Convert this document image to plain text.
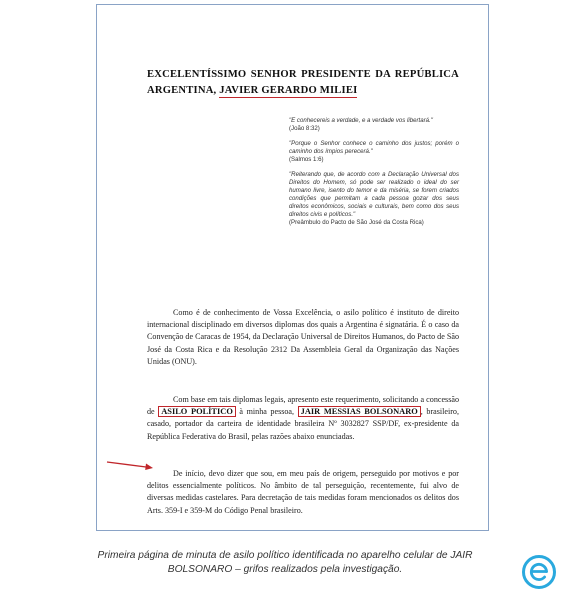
EXCELENTÍSSIMO SENHOR PRESIDENTE DA REPÚBLICA
ARGENTINA, JAVIER GERARDO MILIEI
"E conhecereis a verdade, e a verdade vos libertará."
(João 8:32)
"Porque o Senhor conhece o caminho dos justos; porém o caminho dos ímpios perecerá."
(Salmos 1:6)
"Reiterando que, de acordo com a Declaração Universal dos Direitos do Homem, só pode ser realizado o ideal do ser humano livre, isento do temor e da miséria, se forem criados condições que permitam a cada pessoa gozar dos seus direitos econômicos, sociais e culturais, bem como dos seus direitos civis e políticos."
(Preâmbulo do Pacto de São José da Costa Rica)

Como é de conhecimento de Vossa Excelência, o asilo político é instituto de direito internacional disciplinado em diversos diplomas dos quais a Argentina é signatária. É o caso da Convenção de Caracas de 1954, da Declaração Universal de Direitos Humanos, do Pacto de São José da Costa Rica e da Resolução 2312 Da Assembleia Geral da Organização das Nações Unidas (ONU).

Com base em tais diplomas legais, apresento este requerimento, solicitando a concessão de ASILO POLÍTICO à minha pessoa, JAIR MESSIAS BOLSONARO , brasileiro, casado, portador da carteira de identidade brasileira Nº 3032827 SSP/DF, ex-presidente da República Federativa do Brasil, pelas razões abaixo enunciadas.

De início, devo dizer que sou, em meu país de origem, perseguido por motivos e por delitos essencialmente políticos. No âmbito de tal perseguição, recentemente, fui alvo de diversas medidas castelares. Para decretação de tais medidas foram mencionados os delitos dos Arts. 359-I e 359-M do Código Penal brasileiro.

Primeira página de minuta de asilo político identificada no aparelho celular de JAIR
BOLSONARO – grifos realizados pela investigação.
